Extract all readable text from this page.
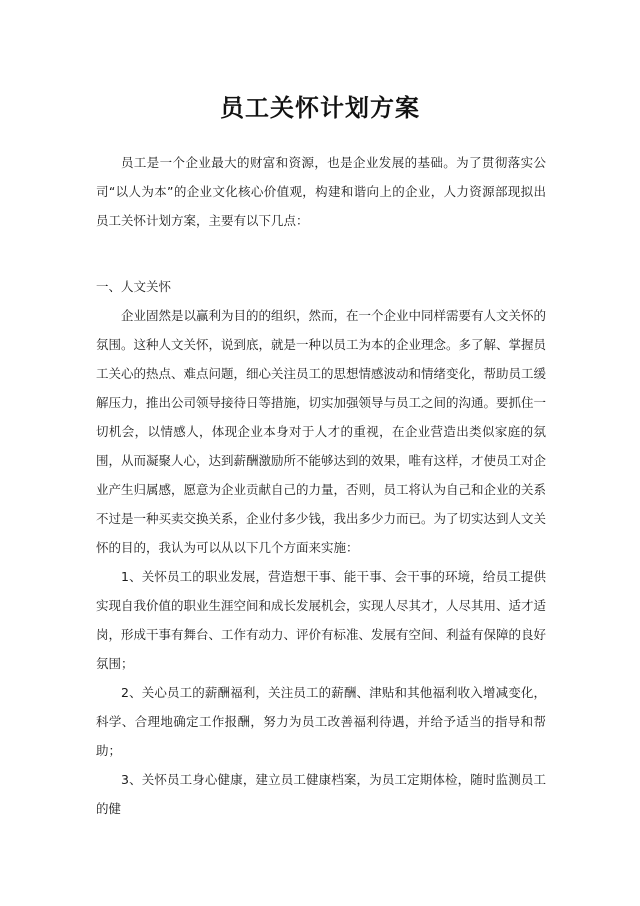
员工关怀计划方案

员工是一个企业最大的财富和资源，也是企业发展的基础。为了贯彻落实公司“以人为本”的企业文化核心价值观，构建和谐向上的企业，人力资源部现拟出员工关怀计划方案，主要有以下几点：

一、人文关怀

企业固然是以赢利为目的的组织，然而，在一个企业中同样需要有人文关怀的氛围。这种人文关怀，说到底，就是一种以员工为本的企业理念。多了解、掌握员工关心的热点、难点问题，细心关注员工的思想情感波动和情绪变化，帮助员工缓解压力，推出公司领导接待日等措施，切实加强领导与员工之间的沟通。要抓住一切机会，以情感人，体现企业本身对于人才的重视，在企业营造出类似家庭的氛围，从而凝聚人心，达到薪酬激励所不能够达到的效果，唯有这样，才使员工对企业产生归属感，愿意为企业贡献自己的力量，否则，员工将认为自己和企业的关系不过是一种买卖交换关系，企业付多少钱，我出多少力而已。为了切实达到人文关怀的目的，我认为可以从以下几个方面来实施：

1、关怀员工的职业发展，营造想干事、能干事、会干事的环境，给员工提供实现自我价值的职业生涯空间和成长发展机会，实现人尽其才，人尽其用、适才适岗，形成干事有舞台、工作有动力、评价有标准、发展有空间、利益有保障的良好氛围；

2、关心员工的薪酬福利，关注员工的薪酬、津贴和其他福利收入增减变化，科学、合理地确定工作报酬，努力为员工改善福利待遇，并给予适当的指导和帮助；

3、关怀员工身心健康，建立员工健康档案，为员工定期体检，随时监测员工的健
